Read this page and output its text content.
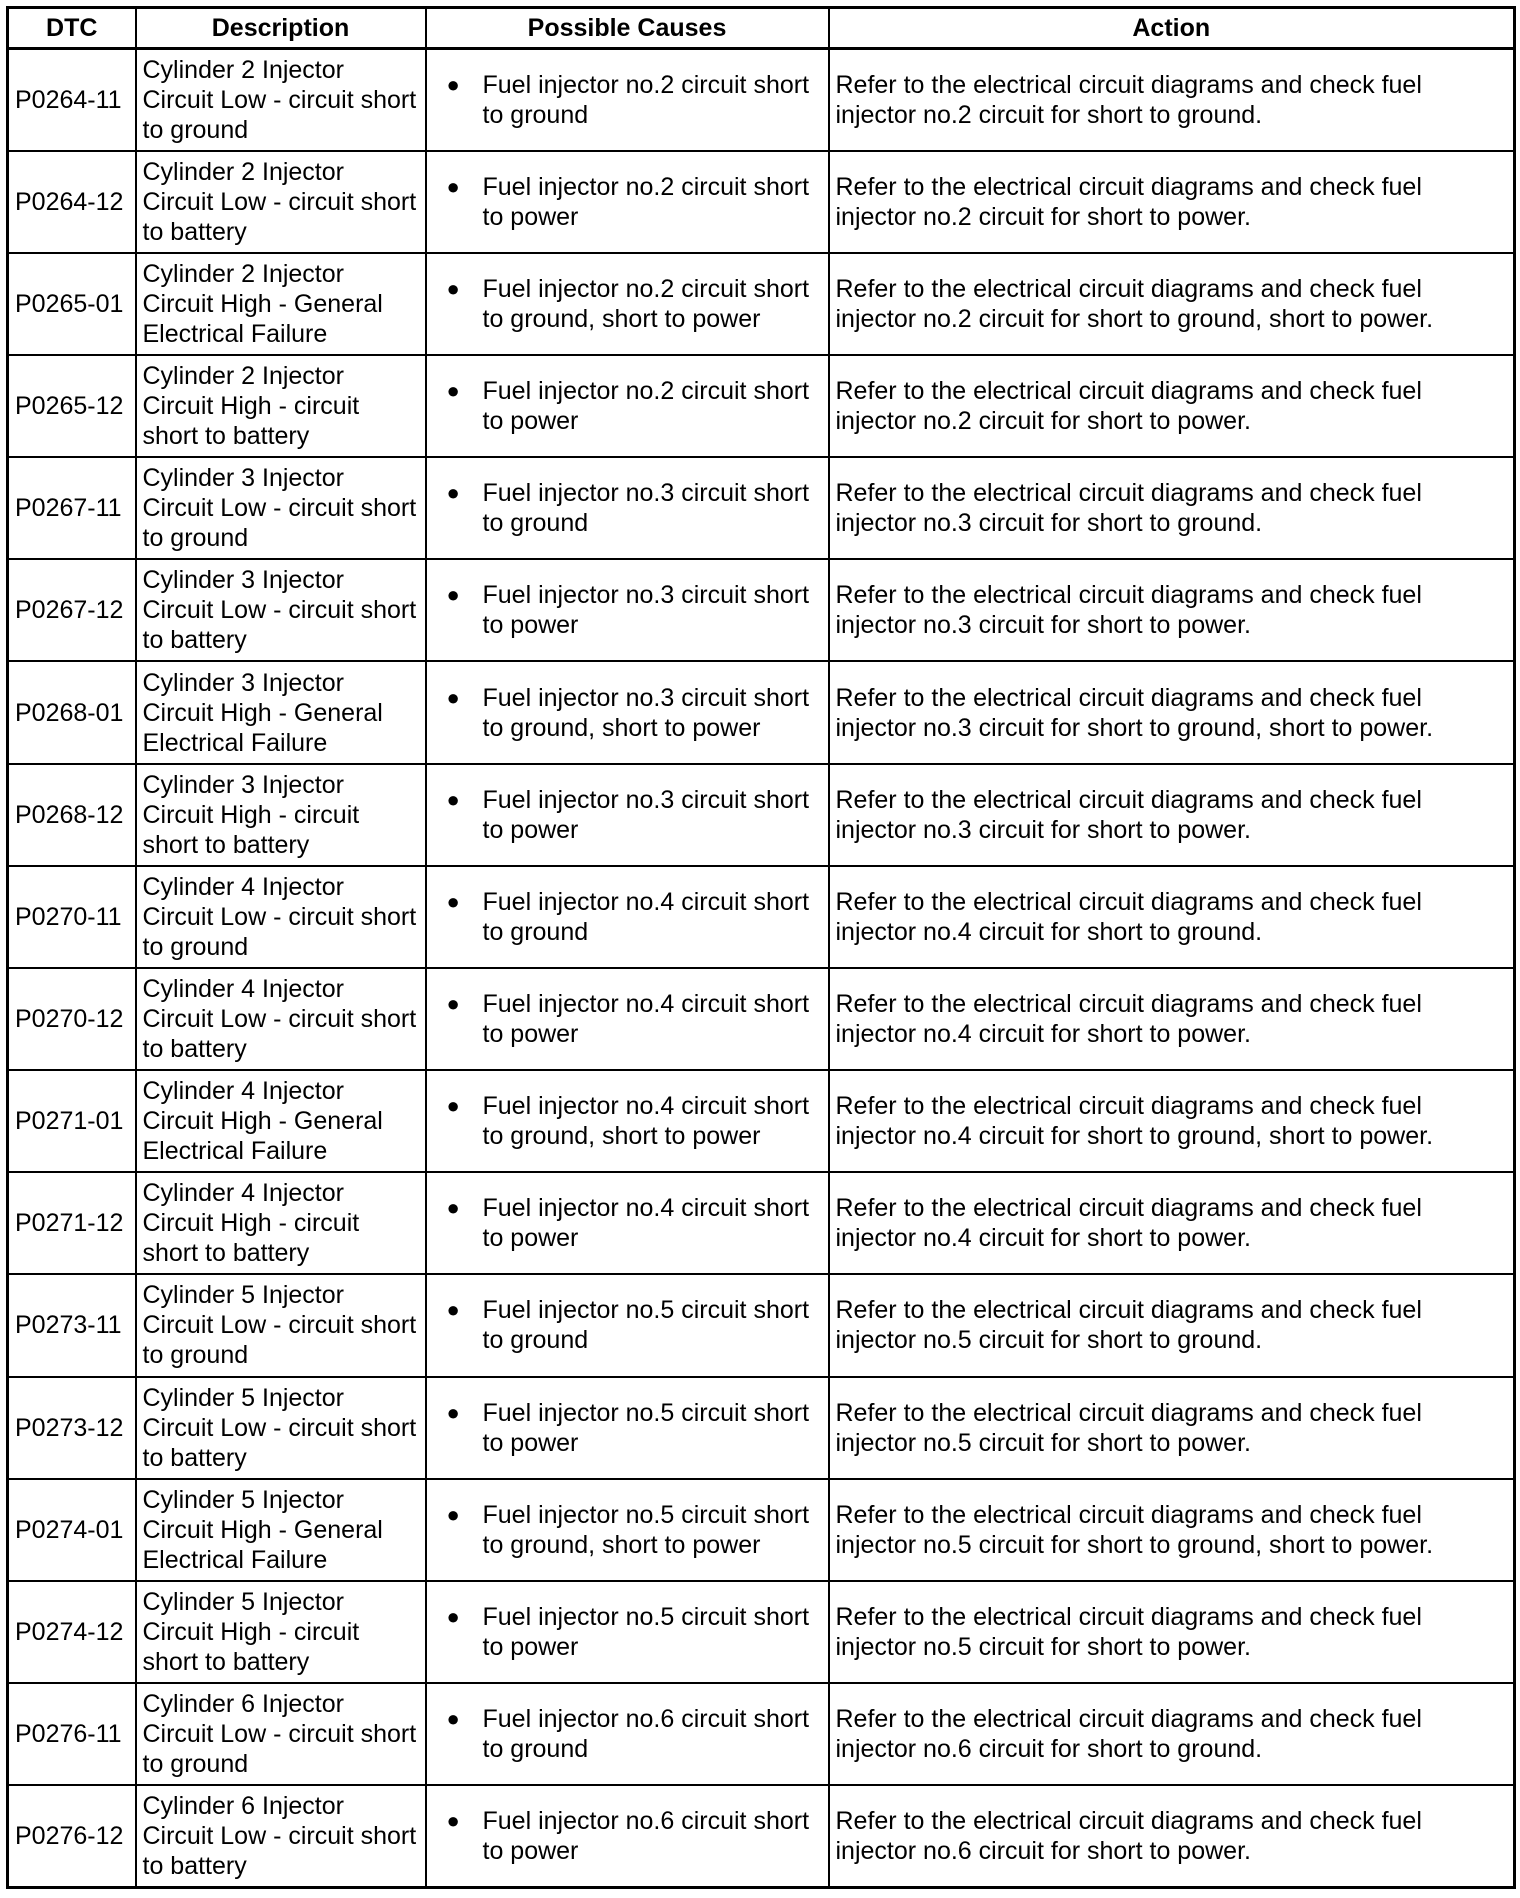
DTC	Description	Possible Causes	Action
P0264-11	Cylinder 2 Injector Circuit Low - circuit short to ground	● Fuel injector no.2 circuit short to ground	Refer to the electrical circuit diagrams and check fuel injector no.2 circuit for short to ground.
P0264-12	Cylinder 2 Injector Circuit Low - circuit short to battery	● Fuel injector no.2 circuit short to power	Refer to the electrical circuit diagrams and check fuel injector no.2 circuit for short to power.
P0265-01	Cylinder 2 Injector Circuit High - General Electrical Failure	● Fuel injector no.2 circuit short to ground, short to power	Refer to the electrical circuit diagrams and check fuel injector no.2 circuit for short to ground, short to power.
P0265-12	Cylinder 2 Injector Circuit High - circuit short to battery	● Fuel injector no.2 circuit short to power	Refer to the electrical circuit diagrams and check fuel injector no.2 circuit for short to power.
P0267-11	Cylinder 3 Injector Circuit Low - circuit short to ground	● Fuel injector no.3 circuit short to ground	Refer to the electrical circuit diagrams and check fuel injector no.3 circuit for short to ground.
P0267-12	Cylinder 3 Injector Circuit Low - circuit short to battery	● Fuel injector no.3 circuit short to power	Refer to the electrical circuit diagrams and check fuel injector no.3 circuit for short to power.
P0268-01	Cylinder 3 Injector Circuit High - General Electrical Failure	● Fuel injector no.3 circuit short to ground, short to power	Refer to the electrical circuit diagrams and check fuel injector no.3 circuit for short to ground, short to power.
P0268-12	Cylinder 3 Injector Circuit High - circuit short to battery	● Fuel injector no.3 circuit short to power	Refer to the electrical circuit diagrams and check fuel injector no.3 circuit for short to power.
P0270-11	Cylinder 4 Injector Circuit Low - circuit short to ground	● Fuel injector no.4 circuit short to ground	Refer to the electrical circuit diagrams and check fuel injector no.4 circuit for short to ground.
P0270-12	Cylinder 4 Injector Circuit Low - circuit short to battery	● Fuel injector no.4 circuit short to power	Refer to the electrical circuit diagrams and check fuel injector no.4 circuit for short to power.
P0271-01	Cylinder 4 Injector Circuit High - General Electrical Failure	● Fuel injector no.4 circuit short to ground, short to power	Refer to the electrical circuit diagrams and check fuel injector no.4 circuit for short to ground, short to power.
P0271-12	Cylinder 4 Injector Circuit High - circuit short to battery	● Fuel injector no.4 circuit short to power	Refer to the electrical circuit diagrams and check fuel injector no.4 circuit for short to power.
P0273-11	Cylinder 5 Injector Circuit Low - circuit short to ground	● Fuel injector no.5 circuit short to ground	Refer to the electrical circuit diagrams and check fuel injector no.5 circuit for short to ground.
P0273-12	Cylinder 5 Injector Circuit Low - circuit short to battery	● Fuel injector no.5 circuit short to power	Refer to the electrical circuit diagrams and check fuel injector no.5 circuit for short to power.
P0274-01	Cylinder 5 Injector Circuit High - General Electrical Failure	● Fuel injector no.5 circuit short to ground, short to power	Refer to the electrical circuit diagrams and check fuel injector no.5 circuit for short to ground, short to power.
P0274-12	Cylinder 5 Injector Circuit High - circuit short to battery	● Fuel injector no.5 circuit short to power	Refer to the electrical circuit diagrams and check fuel injector no.5 circuit for short to power.
P0276-11	Cylinder 6 Injector Circuit Low - circuit short to ground	● Fuel injector no.6 circuit short to ground	Refer to the electrical circuit diagrams and check fuel injector no.6 circuit for short to ground.
P0276-12	Cylinder 6 Injector Circuit Low - circuit short to battery	● Fuel injector no.6 circuit short to power	Refer to the electrical circuit diagrams and check fuel injector no.6 circuit for short to power.
